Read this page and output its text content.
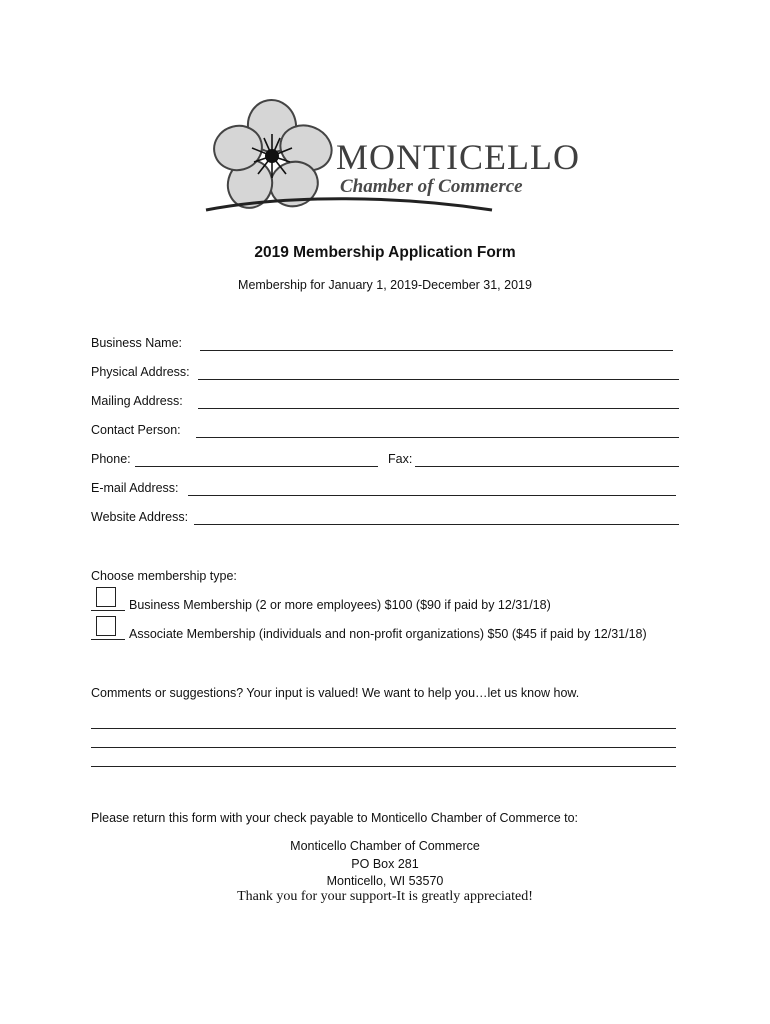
MONTICELLO
Chamber of Commerce
2019 Membership Application Form
Membership for January 1, 2019-December 31, 2019
Business Name:
Physical Address:
Mailing Address:
Contact Person:
Phone:	Fax:
E-mail Address:
Website Address:
Choose membership type:
Business Membership (2 or more employees) $100 ($90 if paid by 12/31/18)
Associate Membership (individuals and non-profit organizations) $50 ($45 if paid by 12/31/18)
Comments or suggestions? Your input is valued! We want to help you…let us know how.
Please return this form with your check payable to Monticello Chamber of Commerce to:
Monticello Chamber of Commerce
PO Box 281
Monticello, WI 53570
Thank you for your support-It is greatly appreciated!
